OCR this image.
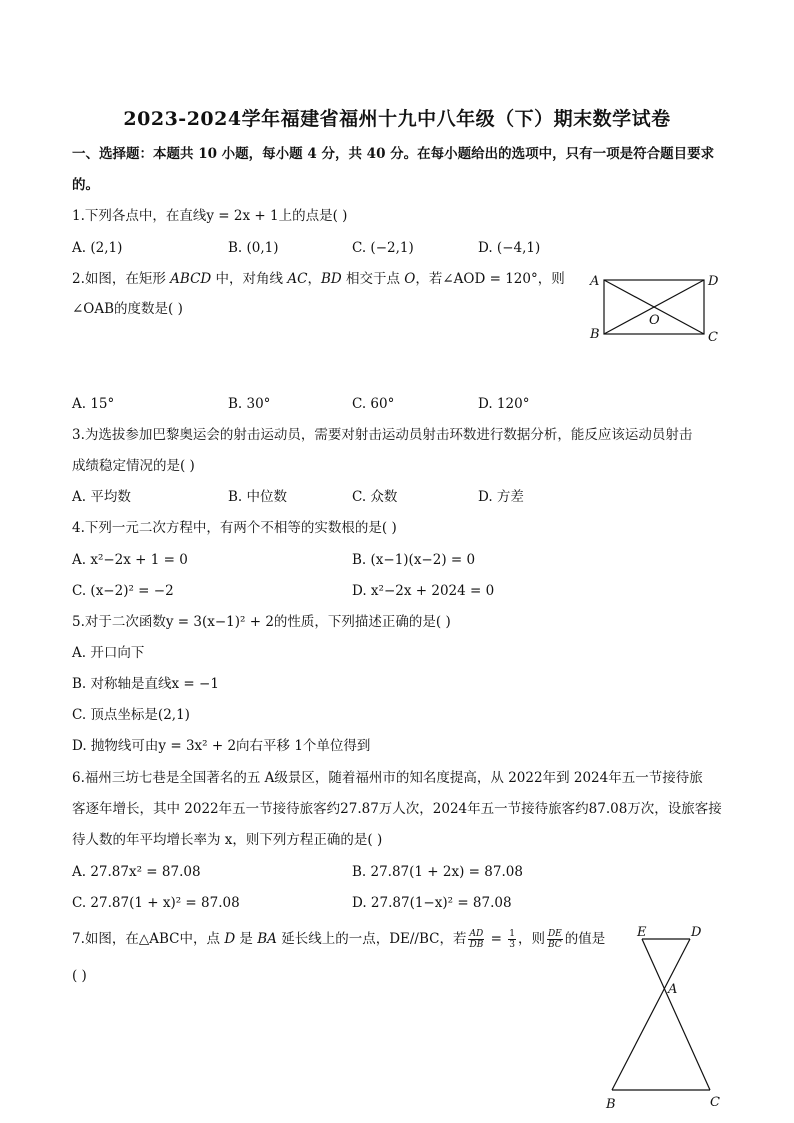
2023-2024学年福建省福州十九中八年级（下）期末数学试卷
一、选择题：本题共 10 小题，每小题 4 分，共 40 分。在每小题给出的选项中，只有一项是符合题目要求
的。
1.下列各点中，在直线y = 2x + 1上的点是( )
A. (2,1)	B. (0,1)	C. (−2,1)	D. (−4,1)
2.如图，在矩形 ABCD 中，对角线 AC，BD 相交于点 O，若∠AOD = 120°，则
∠OAB的度数是( )
A	D
B	C
O
A. 15°	B. 30°	C. 60°	D. 120°
3.为选拔参加巴黎奥运会的射击运动员，需要对射击运动员射击环数进行数据分析，能反应该运动员射击
成绩稳定情况的是( )
A. 平均数	B. 中位数	C. 众数	D. 方差
4.下列一元二次方程中，有两个不相等的实数根的是( )
A. x²−2x + 1 = 0	B. (x−1)(x−2) = 0
C. (x−2)² = −2	D. x²−2x + 2024 = 0
5.对于二次函数y = 3(x−1)² + 2的性质，下列描述正确的是( )
A. 开口向下
B. 对称轴是直线x = −1
C. 顶点坐标是(2,1)
D. 抛物线可由y = 3x² + 2向右平移 1个单位得到
6.福州三坊七巷是全国著名的五 A级景区，随着福州市的知名度提高，从 2022年到 2024年五一节接待旅
客逐年增长，其中 2022年五一节接待旅客约27.87万人次，2024年五一节接待旅客约87.08万次，设旅客接
待人数的年平均增长率为 x，则下列方程正确的是( )
A. 27.87x² = 87.08	B. 27.87(1 + 2x) = 87.08
C. 27.87(1 + x)² = 87.08	D. 27.87(1−x)² = 87.08
7.如图，在△ABC中，点 D 是 BA 延长线上的一点，DE//BC，若 $\frac{AD}{DB} = \frac{1}{3}$ ，则 $\frac{DE}{BC}$ 的值是
( )
E	D
A
B	C
